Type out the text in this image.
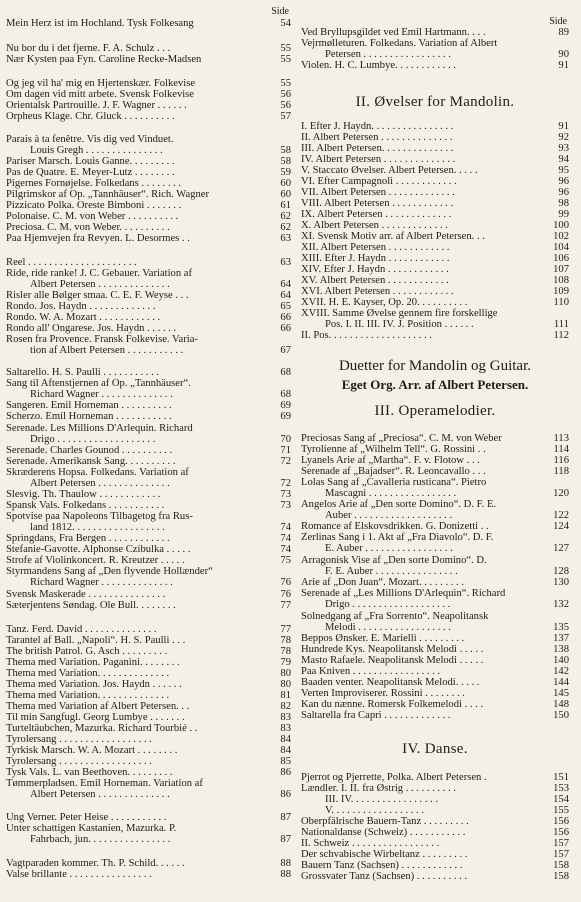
Side
Mein Herz ist im Hochland. Tysk Folkesang	54
Nu bor du i det fjerne. F. A. Schulz . . .	55
Nær Kysten paa Fyn. Caroline Recke-Madsen	55
Og jeg vil ha' mig en Hjertenskær. Folkevise	55
Om dagen vid mitt arbete. Svensk Folkevise	56
Orientalsk Partrouille. J. F. Wagner . . . . . .	56
Orpheus Klage. Chr. Gluck . . . . . . . . . .	57
Parais à ta fenêtre. Vis dig ved Vinduet.
Louis Gregh . . . . . . . . . . . . . . .	58
Pariser Marsch. Louis Ganne. . . . . . . . .	58
Pas de Quatre. E. Meyer-Lutz . . . . . . . .	59
Pigernes Fornøjelse. Folkedans . . . . . . . .	60
Pilgrimskor af Op. „Tannhäuser“. Rich. Wagner	60
Pizzicato Polka. Oreste Bimboni . . . . . . .	61
Polonaise. C. M. von Weber . . . . . . . . . .	62
Preciosa. C. M. von Weber. . . . . . . . . .	62
Paa Hjemvejen fra Revyen. L. Desormes . .	63
Reel . . . . . . . . . . . . . . . . . . . . .	63
Ride, ride ranke! J. C. Gebauer. Variation af
Albert Petersen . . . . . . . . . . . . . .	64
Risler alle Bølger smaa. C. E. F. Weyse . . .	64
Rondo. Jos. Haydn . . . . . . . . . . . . .	65
Rondo. W. A. Mozart . . . . . . . . . . . .	66
Rondo all' Ongarese. Jos. Haydn . . . . . .	66
Rosen fra Provence. Fransk Folkevise. Varia-
tion af Albert Petersen . . . . . . . . . . .	67
Saltarello. H. S. Paulli . . . . . . . . . . .	68
Sang til Aftenstjernen af Op. „Tannhäuser“.
Richard Wagner . . . . . . . . . . . . . .	68
Sangeren. Emil Horneman . . . . . . . . . .	69
Scherzo. Emil Horneman . . . . . . . . . . .	69
Serenade. Les Millions D'Arlequin. Richard
Drigo . . . . . . . . . . . . . . . . . . .	70
Serenade. Charles Gounod . . . . . . . . . .	71
Serenade. Amerikansk Sang. . . . . . . . . .	72
Skræderens Hopsa. Folkedans. Variation af
Albert Petersen . . . . . . . . . . . . . .	72
Slesvig. Th. Thaulow . . . . . . . . . . . .	73
Spansk Vals. Folkedans . . . . . . . . . . .	73
Spotvise paa Napoleons Tilbagetog fra Rus-
land 1812. . . . . . . . . . . . . . . . . .	74
Springdans, Fra Bergen . . . . . . . . . . . .	74
Stefanie-Gavotte. Alphonse Czibulka . . . . .	74
Strofe af Violinkoncert. R. Kreutzer . . . . .	75
Styrmandens Sang af „Den flyvende Hollænder“
Richard Wagner . . . . . . . . . . . . . .	76
Svensk Maskerade . . . . . . . . . . . . . . .	76
Sæterjentens Søndag. Ole Bull. . . . . . . .	77
Tanz. Ferd. David . . . . . . . . . . . . . .	77
Tarantel af Ball. „Napoli“. H. S. Paulli . . .	78
The british Patrol. G. Asch . . . . . . . . .	78
Thema med Variation. Paganini. . . . . . . .	79
Thema med Variation. . . . . . . . . . . . . .	80
Thema med Variation. Jos. Haydn . . . . . .	80
Thema med Variation. . . . . . . . . . . . . .	81
Thema med Variation af Albert Petersen. . .	82
Til min Sangfugl. Georg Lumbye . . . . . . .	83
Turteltäubchen, Mazurka. Richard Tourbié . .	83
Tyrolersang . . . . . . . . . . . . . . . . . .	84
Tyrkisk Marsch. W. A. Mozart . . . . . . . .	84
Tyrolersang . . . . . . . . . . . . . . . . . .	85
Tysk Vals. L. van Beethoven. . . . . . . . .	86
Tømmerpladsen. Emil Horneman. Variation af
Albert Petersen . . . . . . . . . . . . . .	86
Ung Verner. Peter Heise . . . . . . . . . . .	87
Unter schattigen Kastanien, Mazurka. P.
Fahrbach, jun. . . . . . . . . . . . . . . .	87
Vagtparaden kommer. Th. P. Schild. . . . . .	88
Valse brillante . . . . . . . . . . . . . . . .	88
Side
II. Øvelser for Mandolin.
Duetter for Mandolin og Guitar.
Eget Org. Arr. af Albert Petersen.
III. Operamelodier.
IV. Danse.
Ved Bryllupsgildet ved Emil Hartmann. . . .	89
Vejrmølleturen. Folkedans. Variation af Albert
Petersen . . . . . . . . . . . . . . . . .	90
Violen. H. C. Lumbye. . . . . . . . . . . .	91
I. Efter J. Haydn. . . . . . . . . . . . . . . .	91
II. Albert Petersen . . . . . . . . . . . . . .	92
III. Albert Petersen. . . . . . . . . . . . . .	93
IV. Albert Petersen . . . . . . . . . . . . . .	94
V. Staccato Øvelser. Albert Petersen. . . . .	95
VI. Efter Campagnoli . . . . . . . . . . . .	96
VII. Albert Petersen . . . . . . . . . . . . .	96
VIII. Albert Petersen . . . . . . . . . . . .	98
IX. Albert Petersen . . . . . . . . . . . . .	99
X. Albert Petersen . . . . . . . . . . . . .	100
XI. Svensk Motiv arr. af Albert Petersen. . .	102
XII. Albert Petersen . . . . . . . . . . . .	104
XIII. Efter J. Haydn . . . . . . . . . . . .	106
XIV. Efter J. Haydn . . . . . . . . . . . .	107
XV. Albert Petersen . . . . . . . . . . . .	108
XVI. Albert Petersen . . . . . . . . . . . .	109
XVII. H. E. Kayser, Op. 20. . . . . . . . . .	110
XVIII. Samme Øvelse gennem fire forskellige
Pos. I. II. III. IV. J. Position . . . . . .	111
II. Pos. . . . . . . . . . . . . . . . . . . .	112
Preciosas Sang af „Preciosa“. C. M. von Weber	113
Tyrolienne af „Wilhelm Tell“. G. Rossini . .	114
Lyanels Arie af „Martha“. F. v. Flotow . . .	116
Serenade af „Bajadser“. R. Leoncavallo . . .	118
Lolas Sang af „Cavalleria rusticana“. Pietro
Mascagni . . . . . . . . . . . . . . . . .	120
Angelos Arie af „Den sorte Domino“. D. F. E.
Auber . . . . . . . . . . . . . . . . . . .	122
Romance af Elskovsdrikken. G. Donizetti . .	124
Zerlinas Sang i 1. Akt af „Fra Diavolo“. D. F.
E. Auber . . . . . . . . . . . . . . . . .	127
Arragonisk Vise af „Den sorte Domino“. D.
F. E. Auber . . . . . . . . . . . . . . . .	128
Arie af „Don Juan“. Mozart. . . . . . . . .	130
Serenade af „Les Millions D'Arlequin“. Richard
Drigo . . . . . . . . . . . . . . . . . . .	132
Solnedgang af „Fra Sorrento“. Neapolitansk
Melodi . . . . . . . . . . . . . . . . . .	135
Beppos Ønsker. E. Marielli . . . . . . . . .	137
Hundrede Kys. Neapolitansk Melodi . . . . .	138
Masto Rafaele. Neapolitansk Melodi . . . . .	140
Paa Kniven . . . . . . . . . . . . . . . . .	142
Baaden venter. Neapolitansk Melodi. . . . .	144
Verten Improviserer. Rossini . . . . . . . .	145
Kan du nænne. Romersk Folkemelodi . . . .	148
Saltarella fra Capri . . . . . . . . . . . . .	150
Pjerrot og Pjerrette, Polka. Albert Petersen .	151
Lændler. I. II. fra Østrig . . . . . . . . . .	153
III. IV. . . . . . . . . . . . . . . . .	154
V. . . . . . . . . . . . . . . . . .	155
Oberpfälrische Bauern-Tanz . . . . . . . . .	156
Nationaldanse (Schweiz) . . . . . . . . . . .	156
II. Schweiz . . . . . . . . . . . . . . . . .	157
Der schvabische Wirbeltanz . . . . . . . . .	157
Bauern Tanz (Sachsen) . . . . . . . . . . . .	158
Grossvater Tanz (Sachsen) . . . . . . . . . .	158
